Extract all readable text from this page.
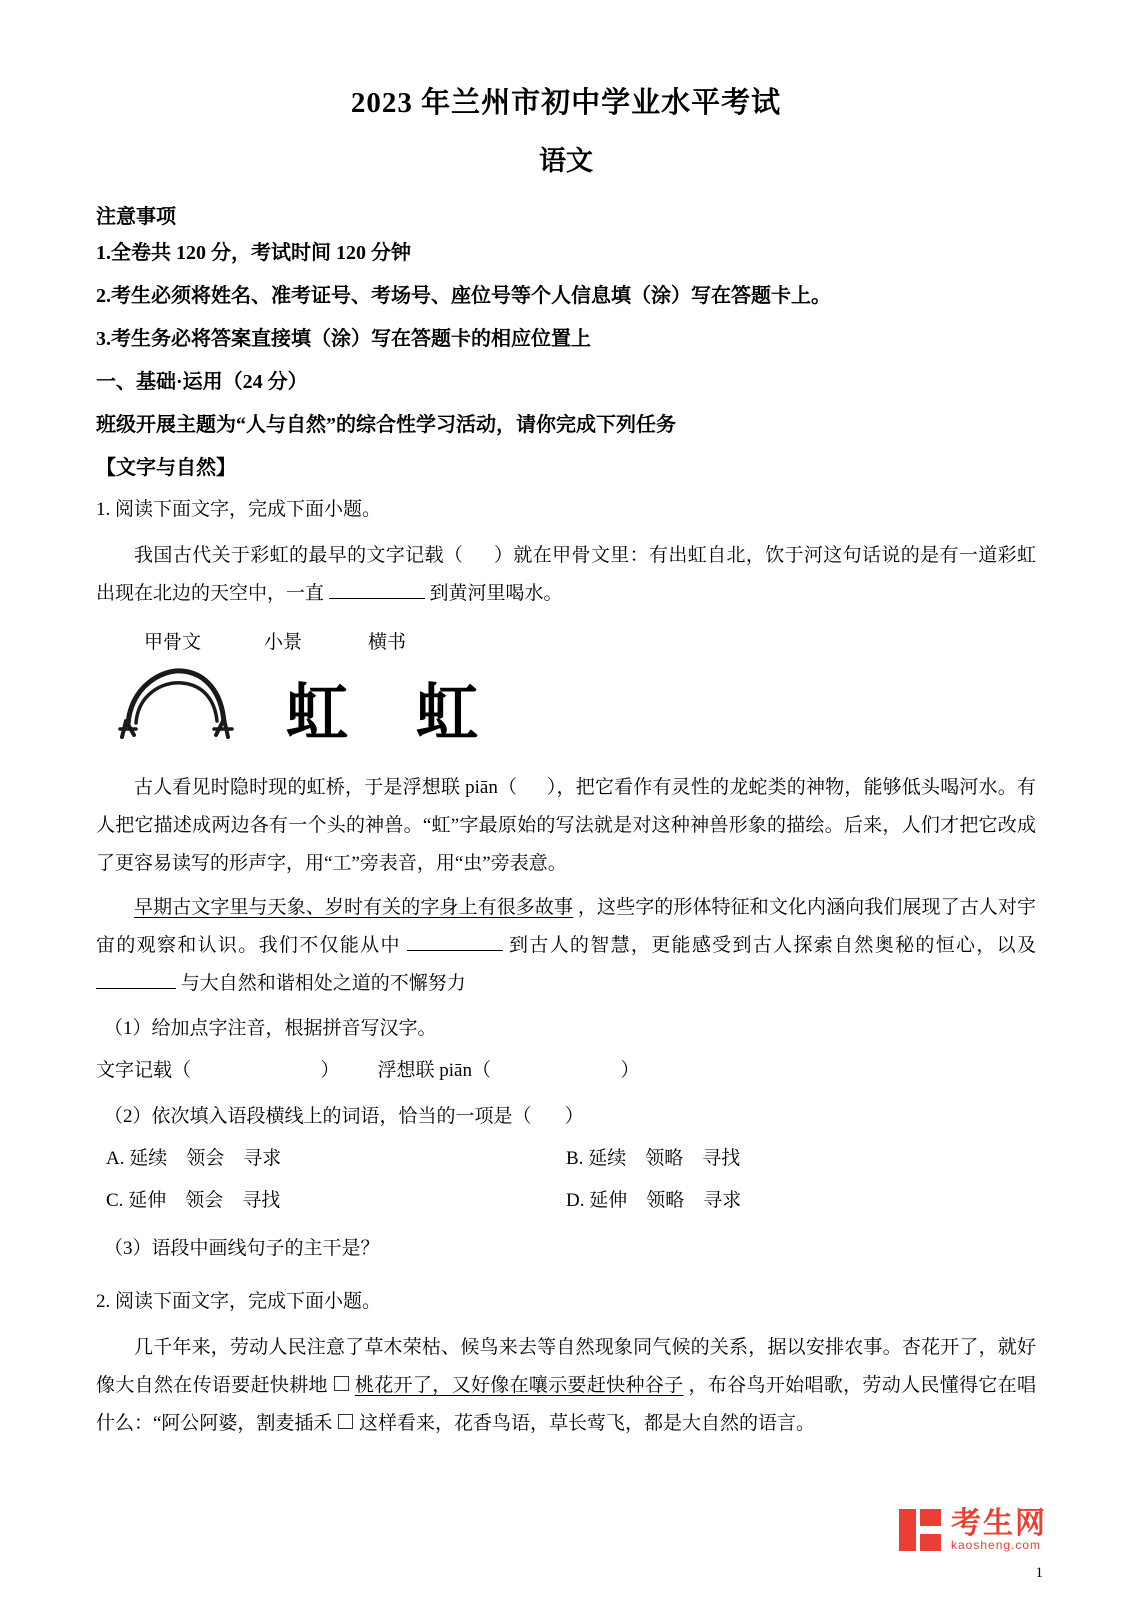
2023 年兰州市初中学业水平考试
语文
注意事项
1.全卷共 120 分，考试时间 120 分钟
2.考生必须将姓名、准考证号、考场号、座位号等个人信息填（涂）写在答题卡上。
3.考生务必将答案直接填（涂）写在答题卡的相应位置上
一、基础·运用（24 分）
班级开展主题为“人与自然”的综合性学习活动，请你完成下列任务
【文字与自然】
1. 阅读下面文字，完成下面小题。
我国古代关于彩虹的最早的文字记载（ ）就在甲骨文里：有出虹自北，饮于河这句话说的是有一道彩虹出现在北边的天空中，一直	到黄河里喝水。
甲骨文	小景	横书
虹 虹
古人看见时隐时现的虹桥，于是浮想联 piān（ ），把它看作有灵性的龙蛇类的神物，能够低头喝河水。有人把它描述成两边各有一个头的神兽。“虹”字最原始的写法就是对这种神兽形象的描绘。后来，人们才把它改成了更容易读写的形声字，用“工”旁表音，用“虫”旁表意。
早期古文字里与天象、岁时有关的字身上有很多故事 ，这些字的形体特征和文化内涵向我们展现了古人对宇宙的观察和认识。我们不仅能从中	到古人的智慧，更能感受到古人探索自然奥秘的恒心，以及  与大自然和谐相处之道的不懈努力
（1）给加点字注音，根据拼音写汉字。
文字记载（	） 浮想联 piān（	）
（2）依次填入语段横线上的词语，恰当的一项是（ ）
A. 延续　领会　寻求	B. 延续　领略　寻找
C. 延伸　领会　寻找	D. 延伸　领略　寻求
（3）语段中画线句子的主干是？
2. 阅读下面文字，完成下面小题。
几千年来，劳动人民注意了草木荣枯、候鸟来去等自然现象同气候的关系，据以安排农事。杏花开了，就好像大自然在传语要赶快耕地 桃花开了，又好像在嚷示要赶快种谷子 ，布谷鸟开始唱歌，劳动人民懂得它在唱什么：“阿公阿婆，割麦插禾 这样看来，花香鸟语，草长莺飞，都是大自然的语言。
考生网
kaosheng.com
1
